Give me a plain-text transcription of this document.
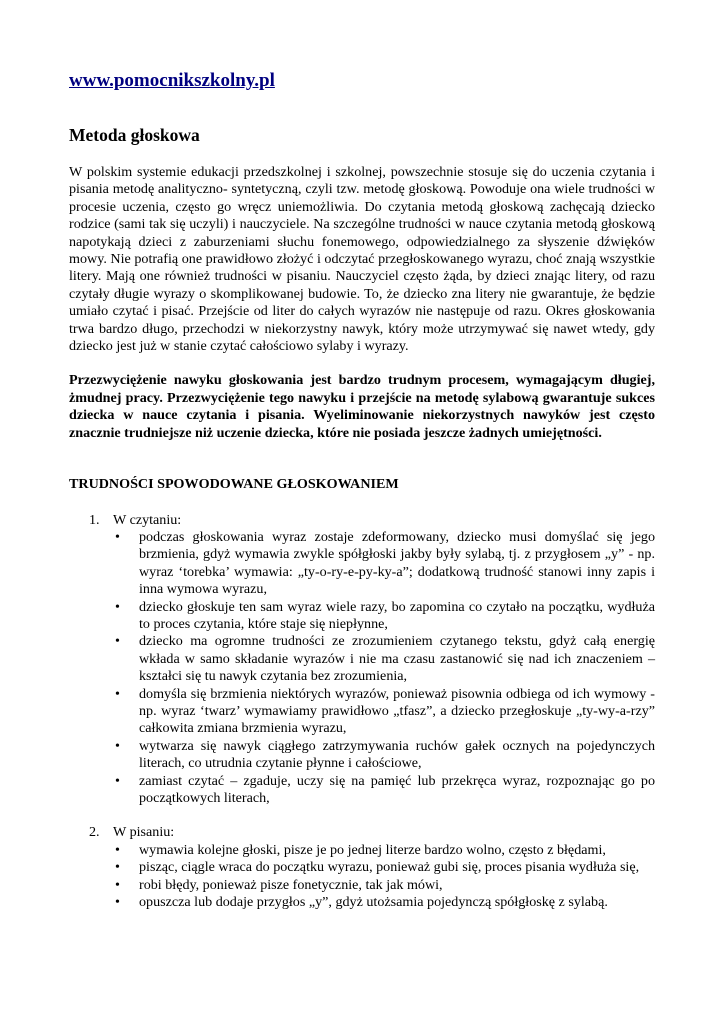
www.pomocnikszkolny.pl
Metoda głoskowa

W polskim systemie edukacji przedszkolnej i szkolnej, powszechnie stosuje się do uczenia czytania i pisania metodę analityczno- syntetyczną, czyli tzw. metodę głoskową. Powoduje ona wiele trudności w procesie uczenia, często go wręcz uniemożliwia. Do czytania metodą głoskową zachęcają dziecko rodzice (sami tak się uczyli) i nauczyciele. Na szczególne trudności w nauce czytania metodą głoskową napotykają dzieci z zaburzeniami słuchu fonemowego, odpowiedzialnego za słyszenie dźwięków mowy. Nie potrafią one prawidłowo złożyć i odczytać przegłoskowanego wyrazu, choć znają wszystkie litery. Mają one również trudności w pisaniu. Nauczyciel często żąda, by dzieci znając litery, od razu czytały długie wyrazy o skomplikowanej budowie. To, że dziecko zna litery nie gwarantuje, że będzie umiało czytać i pisać. Przejście od liter do całych wyrazów nie następuje od razu. Okres głoskowania trwa bardzo długo, przechodzi w niekorzystny nawyk, który może utrzymywać się nawet wtedy, gdy dziecko jest już w stanie czytać całościowo sylaby i wyrazy.

Przezwyciężenie nawyku głoskowania jest bardzo trudnym procesem, wymagającym długiej, żmudnej pracy. Przezwyciężenie tego nawyku i przejście na metodę sylabową gwarantuje sukces dziecka w nauce czytania i pisania. Wyeliminowanie niekorzystnych nawyków jest często znacznie trudniejsze niż uczenie dziecka, które nie posiada jeszcze żadnych umiejętności.

TRUDNOŚCI SPOWODOWANE GŁOSKOWANIEM
1. W czytaniu:
• podczas głoskowania wyraz zostaje zdeformowany, dziecko musi domyślać się jego brzmienia, gdyż wymawia zwykle spółgłoski jakby były sylabą, tj. z przygłosem „y” - np. wyraz ‘torebka’ wymawia: „ty-o-ry-e-py-ky-a”; dodatkową trudność stanowi inny zapis i inna wymowa wyrazu,
• dziecko głoskuje ten sam wyraz wiele razy, bo zapomina co czytało na początku, wydłuża to proces czytania, które staje się niepłynne,
• dziecko ma ogromne trudności ze zrozumieniem czytanego tekstu, gdyż całą energię wkłada w samo składanie wyrazów i nie ma czasu zastanowić się nad ich znaczeniem – kształci się tu nawyk czytania bez zrozumienia,
• domyśla się brzmienia niektórych wyrazów, ponieważ pisownia odbiega od ich wymowy - np. wyraz ‘twarz’ wymawiamy prawidłowo „tfasz”, a dziecko przegłoskuje „ty-wy-a-rzy” całkowita zmiana brzmienia wyrazu,
• wytwarza się nawyk ciągłego zatrzymywania ruchów gałek ocznych na pojedynczych literach, co utrudnia czytanie płynne i całościowe,
• zamiast czytać – zgaduje, uczy się na pamięć lub przekręca wyraz, rozpoznając go po początkowych literach,
2. W pisaniu:
• wymawia kolejne głoski, pisze je po jednej literze bardzo wolno, często z błędami,
• pisząc, ciągle wraca do początku wyrazu, ponieważ gubi się, proces pisania wydłuża się,
• robi błędy, ponieważ pisze fonetycznie, tak jak mówi,
• opuszcza lub dodaje przygłos „y”, gdyż utożsamia pojedynczą spółgłoskę z sylabą.
